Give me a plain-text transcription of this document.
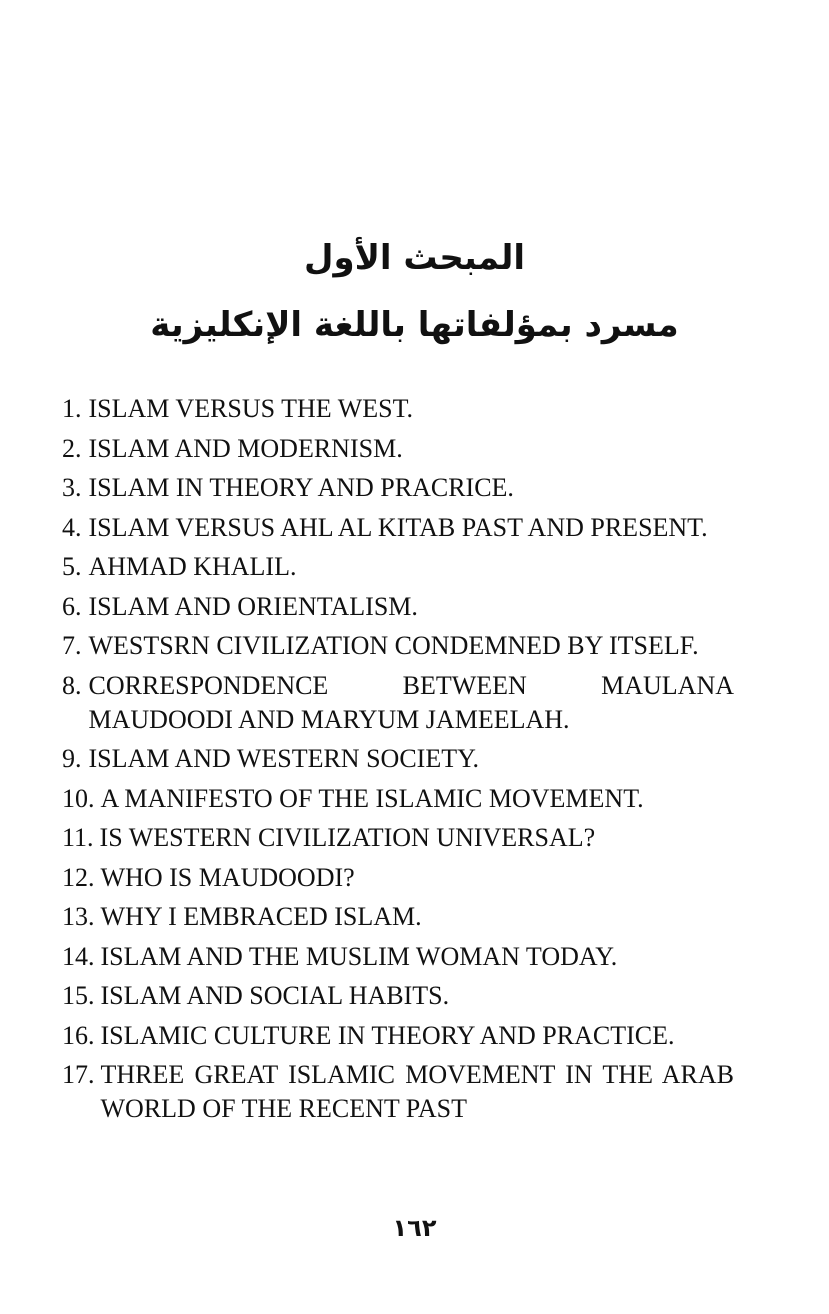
المبحث الأول
مسرد بمؤلفاتها باللغة الإنكليزية
1. ISLAM VERSUS THE WEST.

2. ISLAM AND MODERNISM.

3. ISLAM IN THEORY AND PRACRICE.

4. ISLAM VERSUS AHL AL KITAB PAST AND PRESENT.

5. AHMAD KHALIL.

6. ISLAM AND ORIENTALISM.

7. WESTSRN CIVILIZATION CONDEMNED BY ITSELF.

8. CORRESPONDENCE BETWEEN MAULANA MAUDOODI AND MARYUM JAMEELAH.

9. ISLAM AND WESTERN SOCIETY.

10. A MANIFESTO OF THE ISLAMIC MOVEMENT.

11. IS WESTERN CIVILIZATION UNIVERSAL?

12. WHO IS MAUDOODI?

13. WHY I EMBRACED ISLAM.

14. ISLAM AND THE MUSLIM WOMAN TODAY.

15. ISLAM AND SOCIAL HABITS.

16. ISLAMIC CULTURE IN THEORY AND PRACTICE.

17. THREE GREAT ISLAMIC MOVEMENT IN THE ARAB WORLD OF THE RECENT PAST

١٦٢
